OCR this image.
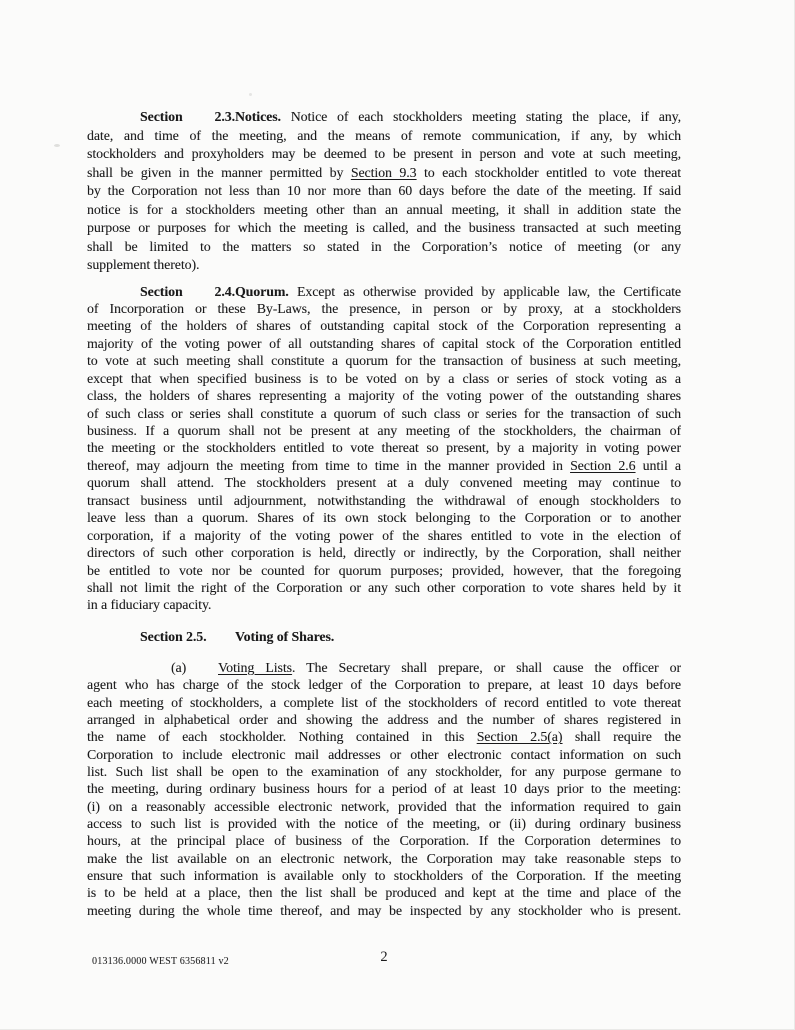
Section 2.3.Notices. Notice of each stockholders meeting stating the place, if any,
date, and time of the meeting, and the means of remote communication, if any, by which
stockholders and proxyholders may be deemed to be present in person and vote at such meeting,
shall be given in the manner permitted by Section 9.3 to each stockholder entitled to vote thereat
by the Corporation not less than 10 nor more than 60 days before the date of the meeting. If said
notice is for a stockholders meeting other than an annual meeting, it shall in addition state the
purpose or purposes for which the meeting is called, and the business transacted at such meeting
shall be limited to the matters so stated in the Corporation’s notice of meeting (or any
supplement thereto).
Section 2.4.Quorum. Except as otherwise provided by applicable law, the Certificate
of Incorporation or these By-Laws, the presence, in person or by proxy, at a stockholders
meeting of the holders of shares of outstanding capital stock of the Corporation representing a
majority of the voting power of all outstanding shares of capital stock of the Corporation entitled
to vote at such meeting shall constitute a quorum for the transaction of business at such meeting,
except that when specified business is to be voted on by a class or series of stock voting as a
class, the holders of shares representing a majority of the voting power of the outstanding shares
of such class or series shall constitute a quorum of such class or series for the transaction of such
business. If a quorum shall not be present at any meeting of the stockholders, the chairman of
the meeting or the stockholders entitled to vote thereat so present, by a majority in voting power
thereof, may adjourn the meeting from time to time in the manner provided in Section 2.6 until a
quorum shall attend. The stockholders present at a duly convened meeting may continue to
transact business until adjournment, notwithstanding the withdrawal of enough stockholders to
leave less than a quorum. Shares of its own stock belonging to the Corporation or to another
corporation, if a majority of the voting power of the shares entitled to vote in the election of
directors of such other corporation is held, directly or indirectly, by the Corporation, shall neither
be entitled to vote nor be counted for quorum purposes; provided, however, that the foregoing
shall not limit the right of the Corporation or any such other corporation to vote shares held by it
in a fiduciary capacity.
Section 2.5. Voting of Shares.
(a) Voting Lists. The Secretary shall prepare, or shall cause the officer or
agent who has charge of the stock ledger of the Corporation to prepare, at least 10 days before
each meeting of stockholders, a complete list of the stockholders of record entitled to vote thereat
arranged in alphabetical order and showing the address and the number of shares registered in
the name of each stockholder. Nothing contained in this Section 2.5(a) shall require the
Corporation to include electronic mail addresses or other electronic contact information on such
list. Such list shall be open to the examination of any stockholder, for any purpose germane to
the meeting, during ordinary business hours for a period of at least 10 days prior to the meeting:
(i) on a reasonably accessible electronic network, provided that the information required to gain
access to such list is provided with the notice of the meeting, or (ii) during ordinary business
hours, at the principal place of business of the Corporation. If the Corporation determines to
make the list available on an electronic network, the Corporation may take reasonable steps to
ensure that such information is available only to stockholders of the Corporation. If the meeting
is to be held at a place, then the list shall be produced and kept at the time and place of the
meeting during the whole time thereof, and may be inspected by any stockholder who is present.
013136.0000 WEST 6356811 v2	2
